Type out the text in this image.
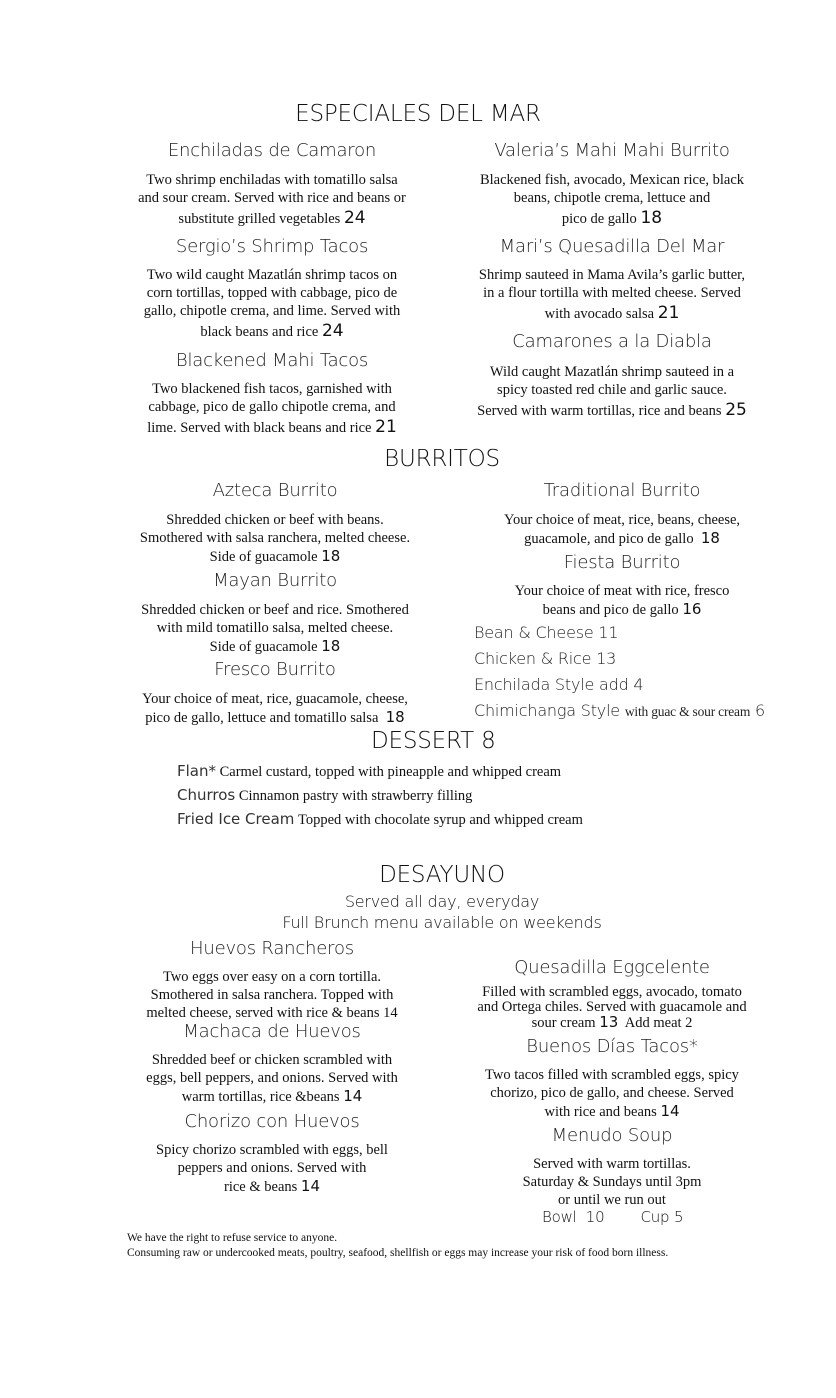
ESPECIALES DEL MAR
Enchiladas de Camaron
Two shrimp enchiladas with tomatillo salsa
and sour cream. Served with rice and beans or
substitute grilled vegetables 24
Sergio’s Shrimp Tacos
Two wild caught Mazatlán shrimp tacos on
corn tortillas, topped with cabbage, pico de
gallo, chipotle crema, and lime. Served with
black beans and rice 24
Blackened Mahi Tacos
Two blackened fish tacos, garnished with
cabbage, pico de gallo chipotle crema, and
lime. Served with black beans and rice 21
Valeria’s Mahi Mahi Burrito
Blackened fish, avocado, Mexican rice, black
beans, chipotle crema, lettuce and
pico de gallo 18
Mari’s Quesadilla Del Mar
Shrimp sauteed in Mama Avila’s garlic butter,
in a flour tortilla with melted cheese. Served
with avocado salsa 21
Camarones a la Diabla
Wild caught Mazatlán shrimp sauteed in a
spicy toasted red chile and garlic sauce.
Served with warm tortillas, rice and beans 25
BURRITOS
Azteca Burrito
Shredded chicken or beef with beans.
Smothered with salsa ranchera, melted cheese.
Side of guacamole 18
Mayan Burrito
Shredded chicken or beef and rice. Smothered
with mild tomatillo salsa, melted cheese.
Side of guacamole 18
Fresco Burrito
Your choice of meat, rice, guacamole, cheese,
pico de gallo, lettuce and tomatillo salsa 18
Traditional Burrito
Your choice of meat, rice, beans, cheese,
guacamole, and pico de gallo 18
Fiesta Burrito
Your choice of meat with rice, fresco
beans and pico de gallo 16
Bean & Cheese 11
Chicken & Rice 13
Enchilada Style add 4
Chimichanga Style with guac & sour cream 6
DESSERT 8
Flan* Carmel custard, topped with pineapple and whipped cream
Churros Cinnamon pastry with strawberry filling
Fried Ice Cream Topped with chocolate syrup and whipped cream
DESAYUNO
Served all day, everyday
Full Brunch menu available on weekends
Huevos Rancheros
Two eggs over easy on a corn tortilla.
Smothered in salsa ranchera. Topped with
melted cheese, served with rice & beans 14
Machaca de Huevos
Shredded beef or chicken scrambled with
eggs, bell peppers, and onions. Served with
warm tortillas, rice &beans 14
Chorizo con Huevos
Spicy chorizo scrambled with eggs, bell
peppers and onions. Served with
rice & beans 14
Quesadilla Eggcelente
Filled with scrambled eggs, avocado, tomato
and Ortega chiles. Served with guacamole and
sour cream 13 Add meat 2
Buenos Días Tacos*
Two tacos filled with scrambled eggs, spicy
chorizo, pico de gallo, and cheese. Served
with rice and beans 14
Menudo Soup
Served with warm tortillas.
Saturday & Sundays until 3pm
or until we run out
Bowl 10 Cup 5
We have the right to refuse service to anyone.
Consuming raw or undercooked meats, poultry, seafood, shellfish or eggs may increase your risk of food born illness.
